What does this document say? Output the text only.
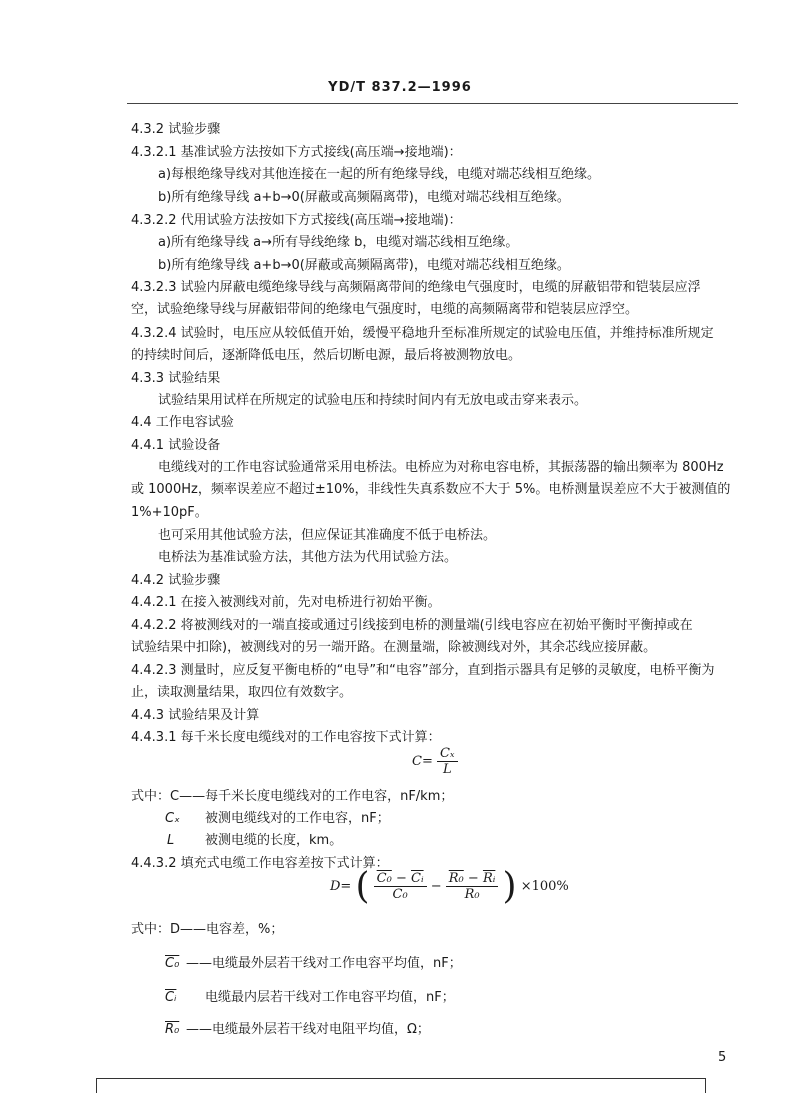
YD/T 837.2—1996
4.3.2 试验步骤
4.3.2.1 基准试验方法按如下方式接线(高压端→接地端)：
a)每根绝缘导线对其他连接在一起的所有绝缘导线，电缆对端芯线相互绝缘。
b)所有绝缘导线 a+b→0(屏蔽或高频隔离带)，电缆对端芯线相互绝缘。
4.3.2.2 代用试验方法按如下方式接线(高压端→接地端)：
a)所有绝缘导线 a→所有导线绝缘 b，电缆对端芯线相互绝缘。
b)所有绝缘导线 a+b→0(屏蔽或高频隔离带)，电缆对端芯线相互绝缘。
4.3.2.3 试验内屏蔽电缆绝缘导线与高频隔离带间的绝缘电气强度时，电缆的屏蔽铝带和铠装层应浮
空，试验绝缘导线与屏蔽铝带间的绝缘电气强度时，电缆的高频隔离带和铠装层应浮空。
4.3.2.4 试验时，电压应从较低值开始，缓慢平稳地升至标准所规定的试验电压值，并维持标准所规定
的持续时间后，逐渐降低电压，然后切断电源，最后将被测物放电。
4.3.3 试验结果
试验结果用试样在所规定的试验电压和持续时间内有无放电或击穿来表示。
4.4 工作电容试验
4.4.1 试验设备
电缆线对的工作电容试验通常采用电桥法。电桥应为对称电容电桥，其振荡器的输出频率为 800Hz
或 1000Hz，频率误差应不超过±10%，非线性失真系数应不大于 5%。电桥测量误差应不大于被测值的
1%+10pF。
也可采用其他试验方法，但应保证其准确度不低于电桥法。
电桥法为基准试验方法，其他方法为代用试验方法。
4.4.2 试验步骤
4.4.2.1 在接入被测线对前，先对电桥进行初始平衡。
4.4.2.2 将被测线对的一端直接或通过引线接到电桥的测量端(引线电容应在初始平衡时平衡掉或在
试验结果中扣除)，被测线对的另一端开路。在测量端，除被测线对外，其余芯线应接屏蔽。
4.4.2.3 测量时，应反复平衡电桥的“电导”和“电容”部分，直到指示器具有足够的灵敏度，电桥平衡为
止，读取测量结果，取四位有效数字。
4.4.3 试验结果及计算
4.4.3.1 每千米长度电缆线对的工作电容按下式计算：
$C= \frac{\text{Cₓ}}{L}$
式中：C——每千米长度电缆线对的工作电容，nF/km；
Cₓ 被测电缆线对的工作电容，nF；
L 被测电缆的长度，km。
4.4.3.2 填充式电缆工作电容差按下式计算：
D= ( $\frac{C_0 - \overline{Cᵢ}}{\text{C₀}} - \frac{R_0 - \overline{Rᵢ}}{\text{R₀}}$ ) ×100%
式中：D——电容差，%；
C₀ ——电缆最外层若干线对工作电容平均值，nF；
$\overline{Cᵢ}$ 电缆最内层若干线对工作电容平均值，nF；
R₀ ——电缆最外层若干线对电阻平均值，Ω；
5
